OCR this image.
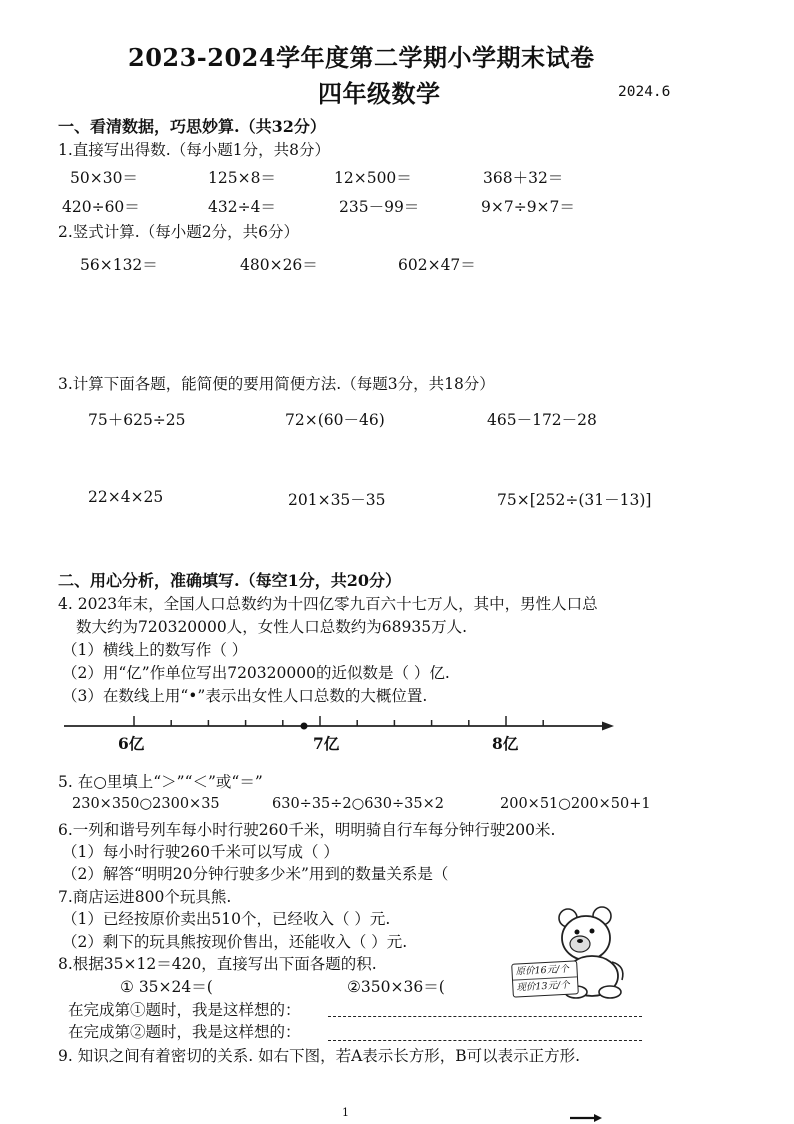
2023-2024学年度第二学期小学期末试卷
四年级数学	2024.6
一、看清数据，巧思妙算.（共32分）
1.直接写出得数.（每小题1分，共8分）
50×30＝	125×8＝	12×500＝	368＋32＝
420÷60＝	432÷4＝	235－99＝	9×7÷9×7＝
2.竖式计算.（每小题2分，共6分）
56×132＝	480×26＝	602×47＝
3.计算下面各题，能简便的要用简便方法.（每题3分，共18分）
75＋625÷25	72×(60－46)	465－172－28
22×4×25	201×35－35	75×[252÷(31－13)]
二、用心分析，准确填写.（每空1分，共20分）
4. 2023年末，全国人口总数约为十四亿零九百六十七万人，其中，男性人口总
数大约为720320000人，女性人口总数约为68935万人.
（1）横线上的数写作（ ）
（2）用“亿”作单位写出720320000的近似数是（ ）亿.
（3）在数线上用“•”表示出女性人口总数的大概位置.
6亿	7亿	8亿
5. 在○里填上“＞”“＜”或“＝”
230×350○2300×35	630÷35÷2○630÷35×2	200×51○200×50+1
6.一列和谐号列车每小时行驶260千米，明明骑自行车每分钟行驶200米.
（1）每小时行驶260千米可以写成（ ）
（2）解答“明明20分钟行驶多少米”用到的数量关系是（
7.商店运进800个玩具熊.
（1）已经按原价卖出510个，已经收入（ ）元.
（2）剩下的玩具熊按现价售出，还能收入（ ）元.
原价16元/个
现价13元/个
8.根据35×12＝420，直接写出下面各题的积.
① 35×24＝(	②350×36＝(
在完成第①题时，我是这样想的：
在完成第②题时，我是这样想的：
9. 知识之间有着密切的关系. 如右下图，若A表示长方形，B可以表示正方形.
1
